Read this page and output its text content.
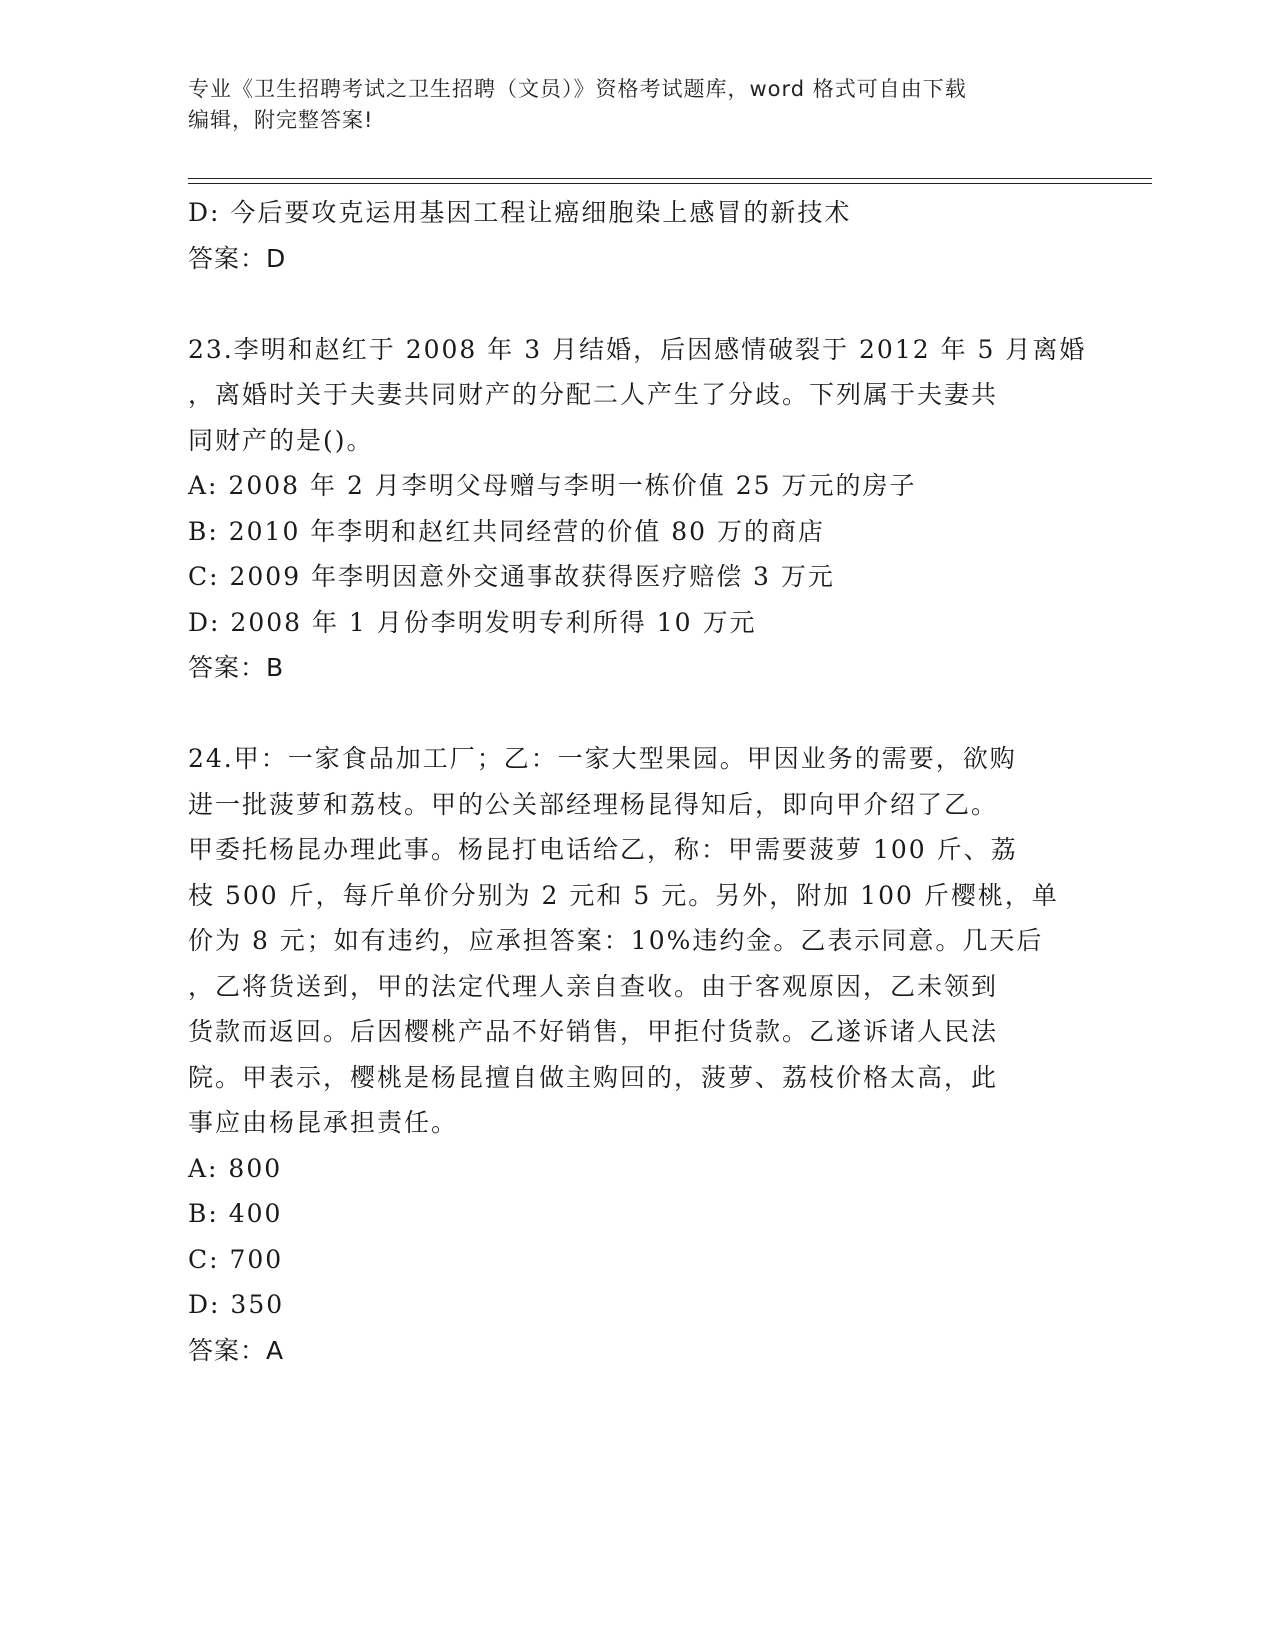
专业《卫生招聘考试之卫生招聘（文员）》资格考试题库，word 格式可自由下载
编辑，附完整答案!
D: 今后要攻克运用基因工程让癌细胞染上感冒的新技术
答案：D
23.李明和赵红于 2008 年 3 月结婚，后因感情破裂于 2012 年 5 月离婚
，离婚时关于夫妻共同财产的分配二人产生了分歧。下列属于夫妻共
同财产的是()。
A: 2008 年 2 月李明父母赠与李明一栋价值 25 万元的房子
B: 2010 年李明和赵红共同经营的价值 80 万的商店
C: 2009 年李明因意外交通事故获得医疗赔偿 3 万元
D: 2008 年 1 月份李明发明专利所得 10 万元
答案：B
24.甲：一家食品加工厂；乙：一家大型果园。甲因业务的需要，欲购
进一批菠萝和荔枝。甲的公关部经理杨昆得知后，即向甲介绍了乙。
甲委托杨昆办理此事。杨昆打电话给乙，称：甲需要菠萝 100 斤、荔
枝 500 斤，每斤单价分别为 2 元和 5 元。另外，附加 100 斤樱桃，单
价为 8 元；如有违约，应承担答案：10%违约金。乙表示同意。几天后
，乙将货送到，甲的法定代理人亲自查收。由于客观原因，乙未领到
货款而返回。后因樱桃产品不好销售，甲拒付货款。乙遂诉诸人民法
院。甲表示，樱桃是杨昆擅自做主购回的，菠萝、荔枝价格太高，此
事应由杨昆承担责任。
A: 800
B: 400
C: 700
D: 350
答案：A
